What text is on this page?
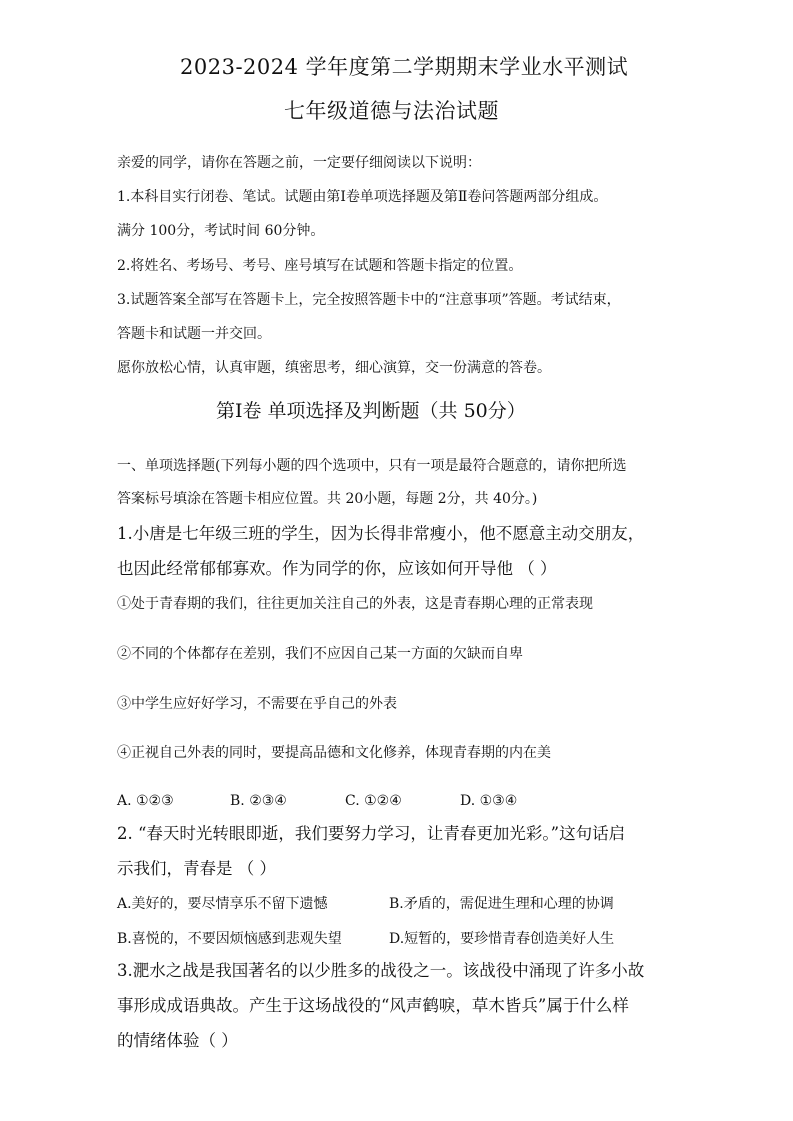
2023-2024 学年度第二学期期末学业水平测试
七年级道德与法治试题
亲爱的同学，请你在答题之前，一定要仔细阅读以下说明：
1.本科目实行闭卷、笔试。试题由第Ⅰ卷单项选择题及第Ⅱ卷问答题两部分组成。
满分 100分，考试时间 60分钟。
2.将姓名、考场号、考号、座号填写在试题和答题卡指定的位置。
3.试题答案全部写在答题卡上，完全按照答题卡中的“注意事项”答题。考试结束，
答题卡和试题一并交回。
愿你放松心情，认真审题，缜密思考，细心演算，交一份满意的答卷。
第Ⅰ卷 单项选择及判断题（共 50分）
一、单项选择题(下列每小题的四个选项中，只有一项是最符合题意的，请你把所选
答案标号填涂在答题卡相应位置。共 20小题，每题 2分，共 40分。)
1.小唐是七年级三班的学生，因为长得非常瘦小，他不愿意主动交朋友，
也因此经常郁郁寡欢。作为同学的你，应该如何开导他 （ ）
①处于青春期的我们，往往更加关注自己的外表，这是青春期心理的正常表现
②不同的个体都存在差别，我们不应因自己某一方面的欠缺而自卑
③中学生应好好学习，不需要在乎自己的外表
④正视自己外表的同时，要提高品德和文化修养，体现青春期的内在美
A. ①②③	B. ②③④	C. ①②④	D. ①③④
2. “春天时光转眼即逝，我们要努力学习，让青春更加光彩。”这句话启
示我们，青春是 （ ）
A.美好的，要尽情享乐不留下遗憾	B.矛盾的，需促进生理和心理的协调
B.喜悦的，不要因烦恼感到悲观失望	D.短暂的，要珍惜青春创造美好人生
3.淝水之战是我国著名的以少胜多的战役之一。该战役中涌现了许多小故
事形成成语典故。产生于这场战役的“风声鹤唳，草木皆兵”属于什么样
的情绪体验（ ）
